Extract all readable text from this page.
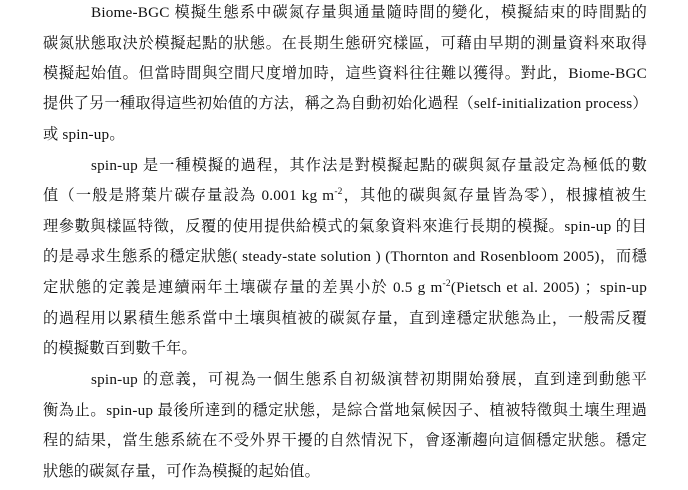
Biome-BGC 模擬生態系中碳氮存量與通量隨時間的變化，模擬結束的時間點的
碳氮狀態取決於模擬起點的狀態。在長期生態研究樣區，可藉由早期的測量資料來取得
模擬起始值。但當時間與空間尺度增加時，這些資料往往難以獲得。對此，Biome-BGC
提供了另一種取得這些初始值的方法，稱之為自動初始化過程（self-initialization process）
或 spin-up。
spin-up 是一種模擬的過程，其作法是對模擬起點的碳與氮存量設定為極低的數
值（一般是將葉片碳存量設為 0.001 kg $m^{-2}$，其他的碳與氮存量皆為零），根據植被生
理參數與樣區特徵，反覆的使用提供給模式的氣象資料來進行長期的模擬。spin-up 的目
的是尋求生態系的穩定狀態( steady-state solution ) (Thornton and Rosenbloom 2005)，而穩
定狀態的定義是連續兩年土壤碳存量的差異小於 0.5 g $m^{-2}(Pietsch$ et al. 2005) ；spin-up
的過程用以累積生態系當中土壤與植被的碳氮存量，直到達穩定狀態為止，一般需反覆
的模擬數百到數千年。
spin-up 的意義，可視為一個生態系自初級演替初期開始發展，直到達到動態平
衡為止。spin-up 最後所達到的穩定狀態，是綜合當地氣候因子、植被特徵與土壤生理過
程的結果，當生態系統在不受外界干擾的自然情況下，會逐漸趨向這個穩定狀態。穩定
狀態的碳氮存量，可作為模擬的起始值。
